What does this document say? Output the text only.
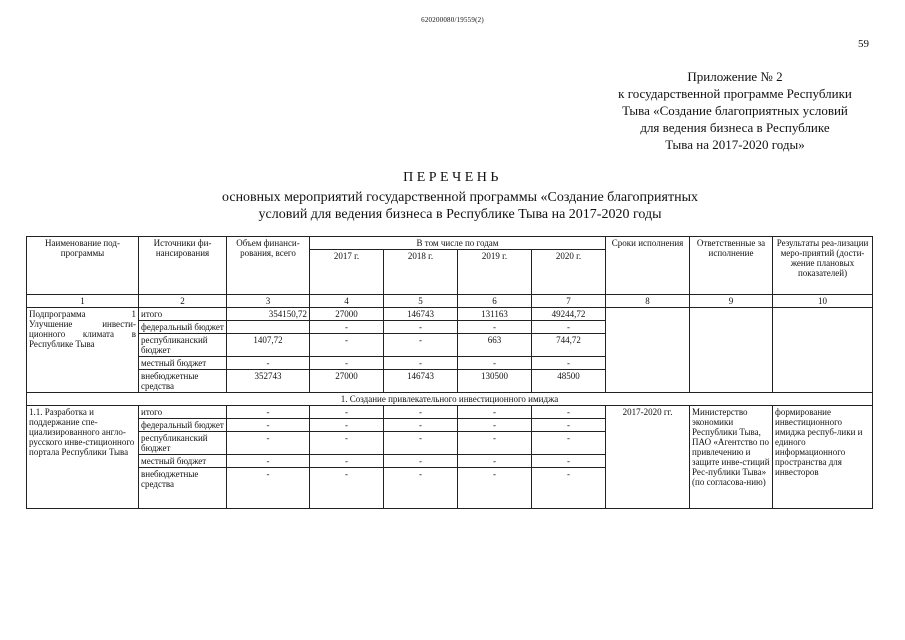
620200080/19559(2)
59
Приложение № 2
к государственной программе Республики
Тыва «Создание благоприятных условий
для ведения бизнеса в Республике
Тыва на 2017-2020 годы»
ПЕРЕЧЕНЬ
основных мероприятий государственной программы «Создание благоприятных
условий для ведения бизнеса в Республике Тыва на 2017-2020 годы
Наименование под-программы	Источники фи-нансирования	Объем финанси-рования, всего	В том числе по годам				Сроки исполнения	Ответственные за исполнение	Результаты реа-лизации меро-приятий (дости-жение плановых показателей)
			2017 г.	2018 г.	2019 г.	2020 г.			
1	2	3	4	5	6	7	8	9	10
Подпрограмма 1 Улучшение инвести-ционного климата в Республике Тыва	итого	354150,72	27000	146743	131163	49244,72			
	федеральный бюджет		-	-	-	-			
	республиканский бюджет	1407,72	-	-	663	744,72			
	местный бюджет	-	-	-	-	-			
	внебюджетные средства	352743	27000	146743	130500	48500			
1. Создание привлекательного инвестиционного имиджа									
1.1. Разработка и поддержание спе-циализированного англо-русского инве-стиционного портала Республики Тыва	итого	-	-	-	-	-	2017-2020 гг.	Министерство экономики Республики Тыва, ПАО «Агентство по привлечению и защите инве-стиций Рес-публики Тыва» (по согласова-нию)	формирование инвестиционного имиджа респуб-лики и единого информационного пространства для инвесторов
	федеральный бюджет	-	-	-	-	-			
	республиканский бюджет	-	-	-	-	-			
	местный бюджет	-	-	-	-	-			
	внебюджетные средства	-	-	-	-	-			
